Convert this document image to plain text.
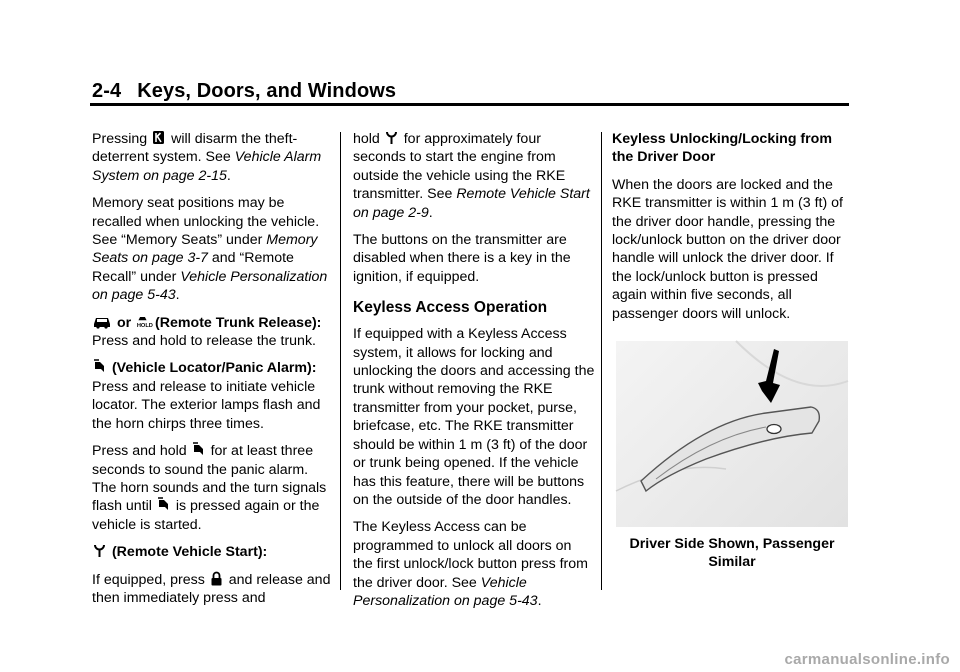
2-4 Keys, Doors, and Windows

Pressing will disarm the theft-deterrent system. See Vehicle Alarm System on page 2-15.

Memory seat positions may be recalled when unlocking the vehicle. See “Memory Seats” under Memory Seats on page 3-7 and “Remote Recall” under Vehicle Personalization on page 5-43.

or HOLD (Remote Trunk Release): Press and hold to release the trunk.

(Vehicle Locator/Panic Alarm): Press and release to initiate vehicle locator. The exterior lamps flash and the horn chirps three times.

Press and hold for at least three seconds to sound the panic alarm. The horn sounds and the turn signals flash until is pressed again or the vehicle is started.

(Remote Vehicle Start):

If equipped, press and release and then immediately press and

hold for approximately four seconds to start the engine from outside the vehicle using the RKE transmitter. See Remote Vehicle Start on page 2-9.

The buttons on the transmitter are disabled when there is a key in the ignition, if equipped.

Keyless Access Operation

If equipped with a Keyless Access system, it allows for locking and unlocking the doors and accessing the trunk without removing the RKE transmitter from your pocket, purse, briefcase, etc. The RKE transmitter should be within 1 m (3 ft) of the door or trunk being opened. If the vehicle has this feature, there will be buttons on the outside of the door handles.

The Keyless Access can be programmed to unlock all doors on the first unlock/lock button press from the driver door. See Vehicle Personalization on page 5-43.

Keyless Unlocking/Locking from the Driver Door

When the doors are locked and the RKE transmitter is within 1 m (3 ft) of the driver door handle, pressing the lock/unlock button on the driver door handle will unlock the driver door. If the lock/unlock button is pressed again within five seconds, all passenger doors will unlock.

Driver Side Shown, Passenger Similar
carmanualsonline.info
